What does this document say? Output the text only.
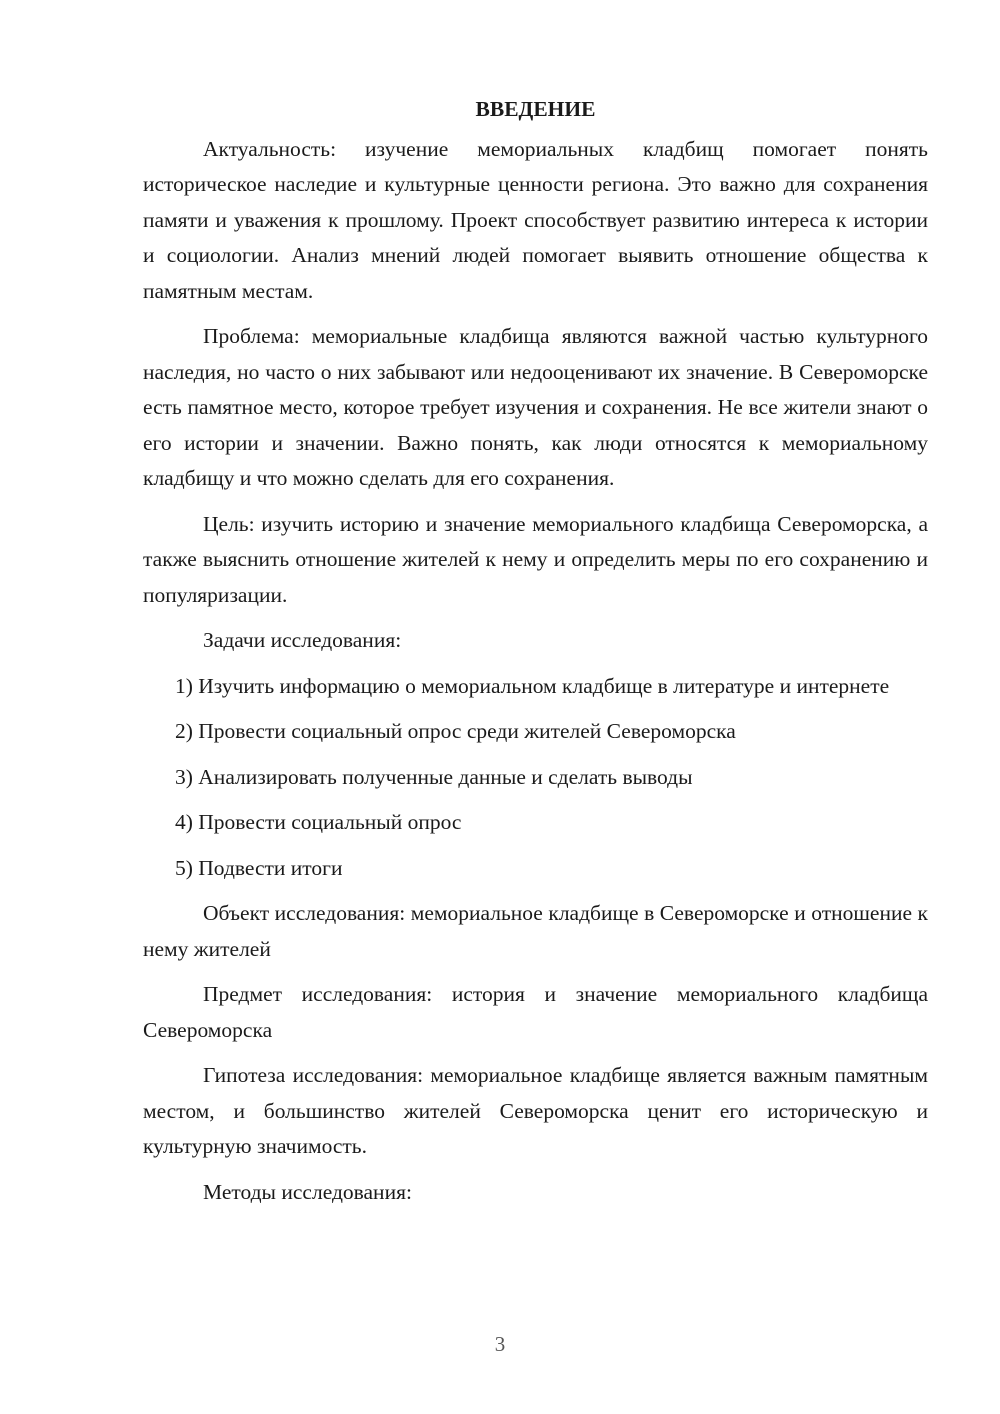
ВВЕДЕНИЕ

Актуальность: изучение мемориальных кладбищ помогает понять историческое наследие и культурные ценности региона. Это важно для сохранения памяти и уважения к прошлому. Проект способствует развитию интереса к истории и социологии. Анализ мнений людей помогает выявить отношение общества к памятным местам.

Проблема: мемориальные кладбища являются важной частью культурного наследия, но часто о них забывают или недооценивают их значение. В Североморске есть памятное место, которое требует изучения и сохранения. Не все жители знают о его истории и значении. Важно понять, как люди относятся к мемориальному кладбищу и что можно сделать для его сохранения.

Цель: изучить историю и значение мемориального кладбища Североморска, а также выяснить отношение жителей к нему и определить меры по его сохранению и популяризации.

Задачи исследования:

1) Изучить информацию о мемориальном кладбище в литературе и интернете

2) Провести социальный опрос среди жителей Североморска

3) Анализировать полученные данные и сделать выводы

4) Провести социальный опрос

5) Подвести итоги

Объект исследования: мемориальное кладбище в Североморске и отношение к нему жителей

Предмет исследования: история и значение мемориального кладбища Североморска

Гипотеза исследования: мемориальное кладбище является важным памятным местом, и большинство жителей Североморска ценит его историческую и культурную значимость.

Методы исследования:

3
